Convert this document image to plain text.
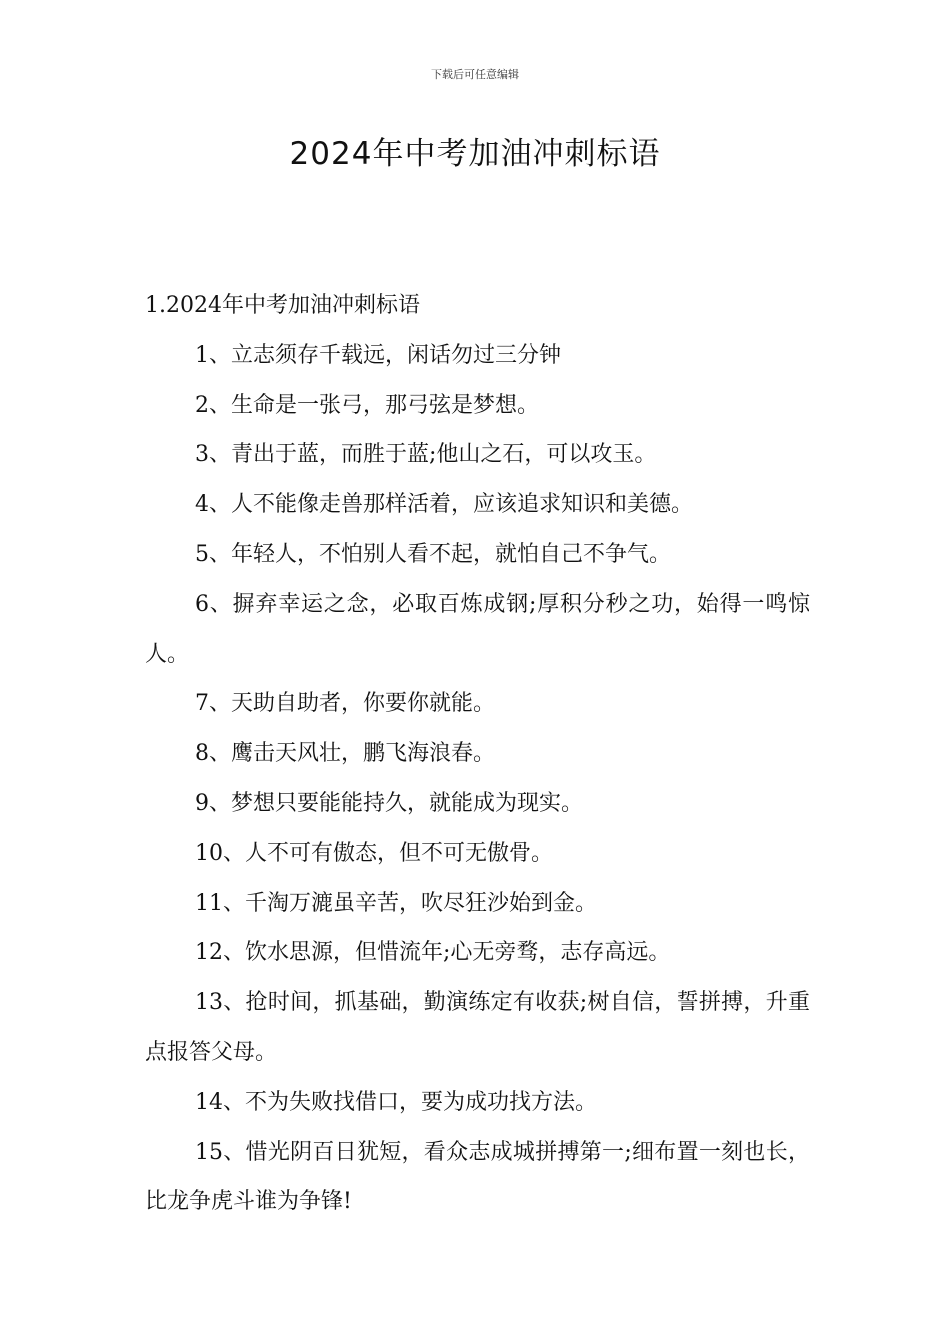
下载后可任意编辑
2024年中考加油冲刺标语

1.2024年中考加油冲刺标语

1、立志须存千载远，闲话勿过三分钟

2、生命是一张弓，那弓弦是梦想。

3、青出于蓝，而胜于蓝;他山之石，可以攻玉。

4、人不能像走兽那样活着，应该追求知识和美德。

5、年轻人，不怕别人看不起，就怕自己不争气。

6、摒弃幸运之念，必取百炼成钢;厚积分秒之功，始得一鸣惊人。

7、天助自助者，你要你就能。

8、鹰击天风壮，鹏飞海浪春。

9、梦想只要能能持久，就能成为现实。

10、人不可有傲态，但不可无傲骨。

11、千淘万漉虽辛苦，吹尽狂沙始到金。

12、饮水思源，但惜流年;心无旁骛，志存高远。

13、抢时间，抓基础，勤演练定有收获;树自信，誓拼搏，升重点报答父母。

14、不为失败找借口，要为成功找方法。

15、惜光阴百日犹短，看众志成城拼搏第一;细布置一刻也长，比龙争虎斗谁为争锋!
